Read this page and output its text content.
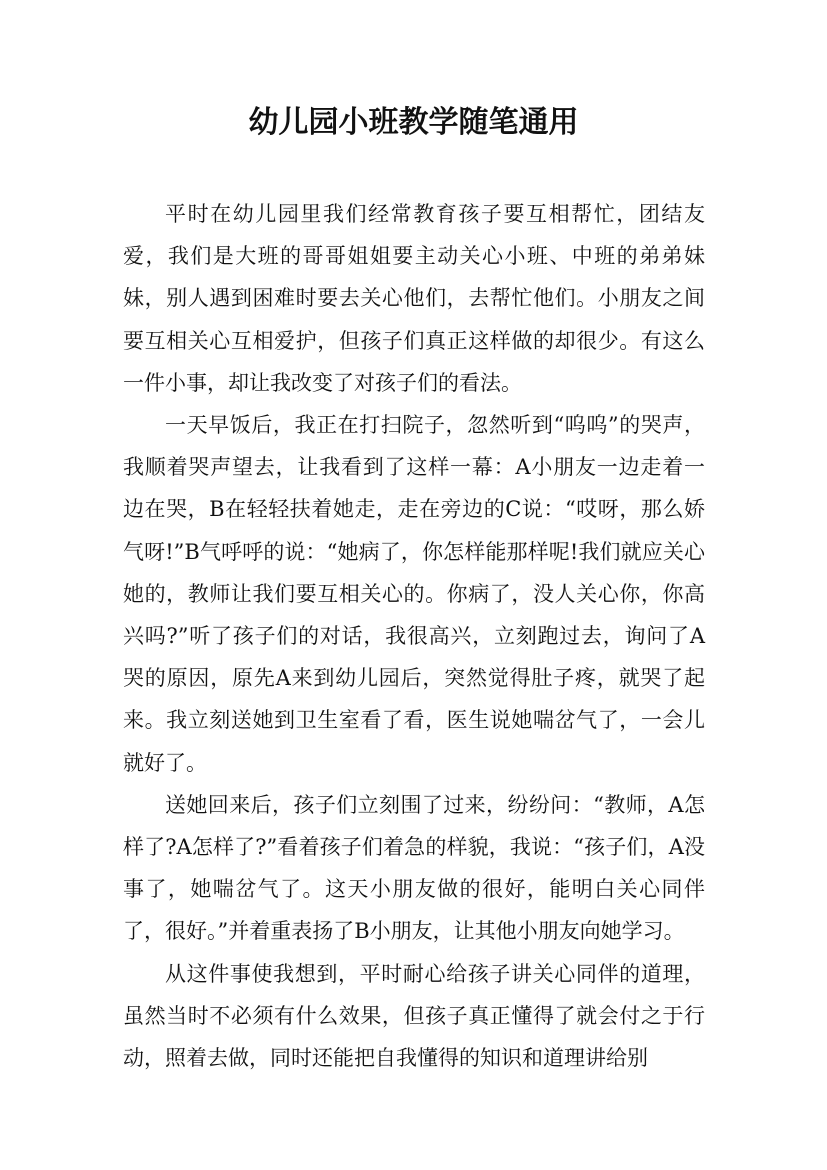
幼儿园小班教学随笔通用

平时在幼儿园里我们经常教育孩子要互相帮忙，团结友爱，我们是大班的哥哥姐姐要主动关心小班、中班的弟弟妹妹，别人遇到困难时要去关心他们，去帮忙他们。小朋友之间要互相关心互相爱护，但孩子们真正这样做的却很少。有这么一件小事，却让我改变了对孩子们的看法。

一天早饭后，我正在打扫院子，忽然听到“呜呜”的哭声，我顺着哭声望去，让我看到了这样一幕：A小朋友一边走着一边在哭，B在轻轻扶着她走，走在旁边的C说：“哎呀，那么娇气呀!”B气呼呼的说：“她病了，你怎样能那样呢!我们就应关心她的，教师让我们要互相关心的。你病了，没人关心你，你高兴吗?”听了孩子们的对话，我很高兴，立刻跑过去，询问了A哭的原因，原先A来到幼儿园后，突然觉得肚子疼，就哭了起来。我立刻送她到卫生室看了看，医生说她喘岔气了，一会儿就好了。

送她回来后，孩子们立刻围了过来，纷纷问：“教师，A怎样了?A怎样了?”看着孩子们着急的样貌，我说：“孩子们，A没事了，她喘岔气了。这天小朋友做的很好，能明白关心同伴了，很好。”并着重表扬了B小朋友，让其他小朋友向她学习。

从这件事使我想到，平时耐心给孩子讲关心同伴的道理，虽然当时不必须有什么效果，但孩子真正懂得了就会付之于行动，照着去做，同时还能把自我懂得的知识和道理讲给别
